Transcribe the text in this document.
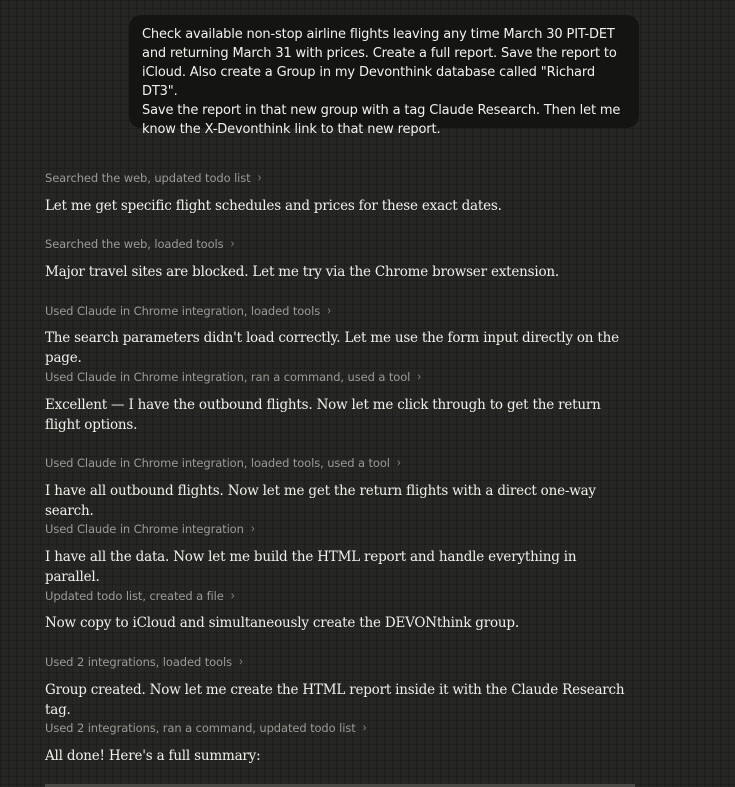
Check available non-stop airline flights leaving any time March 30 PIT-DET
and returning March 31 with prices. Create a full report. Save the report to
iCloud. Also create a Group in my Devonthink database called "Richard DT3".
Save the report in that new group with a tag Claude Research. Then let me
know the X-Devonthink link to that new report.
Searched the web, updated todo list ›
Let me get specific flight schedules and prices for these exact dates.
Searched the web, loaded tools ›
Major travel sites are blocked. Let me try via the Chrome browser extension.
Used Claude in Chrome integration, loaded tools ›
The search parameters didn't load correctly. Let me use the form input directly on the page.
Used Claude in Chrome integration, ran a command, used a tool ›
Excellent — I have the outbound flights. Now let me click through to get the return flight options.
Used Claude in Chrome integration, loaded tools, used a tool ›
I have all outbound flights. Now let me get the return flights with a direct one-way search.
Used Claude in Chrome integration ›
I have all the data. Now let me build the HTML report and handle everything in parallel.
Updated todo list, created a file ›
Now copy to iCloud and simultaneously create the DEVONthink group.
Used 2 integrations, loaded tools ›
Group created. Now let me create the HTML report inside it with the Claude Research tag.
Used 2 integrations, ran a command, updated todo list ›
All done! Here's a full summary:
